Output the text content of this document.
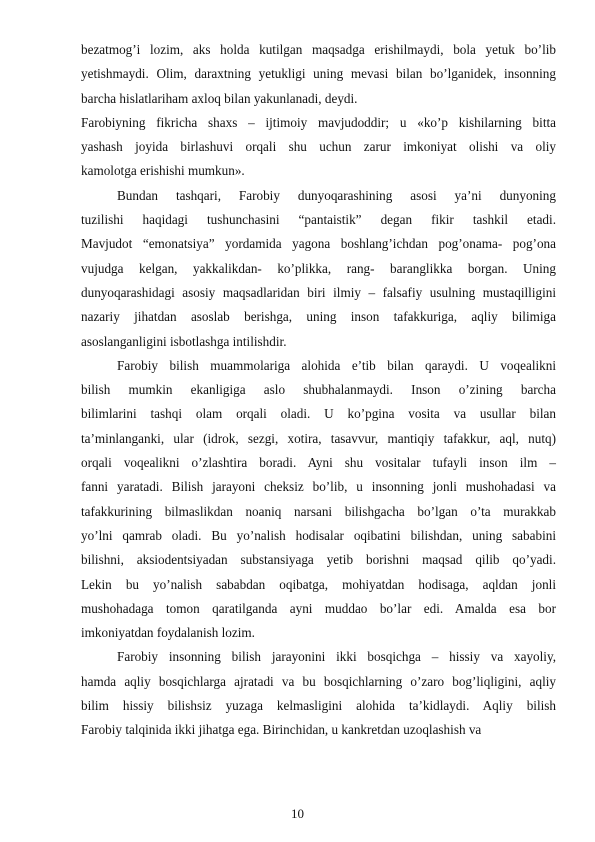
bezatmog’i lozim, aks holda kutilgan maqsadga erishilmaydi, bola yetuk bo’lib
yetishmaydi. Olim, daraxtning yetukligi uning mevasi bilan bo’lganidek, insonning
barcha hislatlariham axloq bilan yakunlanadi, deydi.
Farobiyning fikricha shaxs – ijtimoiy mavjudoddir; u «ko’p kishilarning bitta
yashash joyida birlashuvi orqali shu uchun zarur imkoniyat olishi va oliy
kamolotga erishishi mumkun».
Bundan tashqari, Farobiy dunyoqarashining asosi ya’ni dunyoning
tuzilishi haqidagi tushunchasini “pantaistik” degan fikir tashkil etadi.
Mavjudot “emonatsiya” yordamida yagona boshlang’ichdan pog’onama- pog’ona
vujudga kelgan, yakkalikdan- ko’plikka, rang- baranglikka borgan. Uning
dunyoqarashidagi asosiy maqsadlaridan biri ilmiy – falsafiy usulning mustaqilligini
nazariy jihatdan asoslab berishga, uning inson tafakkuriga, aqliy bilimiga
asoslanganligini isbotlashga intilishdir.
Farobiy bilish muammolariga alohida e’tib bilan qaraydi. U voqealikni
bilish mumkin ekanligiga aslo shubhalanmaydi. Inson o’zining barcha
bilimlarini tashqi olam orqali oladi. U ko’pgina vosita va usullar bilan
ta’minlanganki, ular (idrok, sezgi, xotira, tasavvur, mantiqiy tafakkur, aql, nutq)
orqali voqealikni o’zlashtira boradi. Ayni shu vositalar tufayli inson ilm –
fanni yaratadi. Bilish jarayoni cheksiz bo’lib, u insonning jonli mushohadasi va
tafakkurining bilmaslikdan noaniq narsani bilishgacha bo’lgan o’ta murakkab
yo’lni qamrab oladi. Bu yo’nalish hodisalar oqibatini bilishdan, uning sababini
bilishni, aksiodentsiyadan substansiyaga yetib borishni maqsad qilib qo’yadi.
Lekin bu yo’nalish sababdan oqibatga, mohiyatdan hodisaga, aqldan jonli
mushohadaga tomon qaratilganda ayni muddao bo’lar edi. Amalda esa bor
imkoniyatdan foydalanish lozim.
Farobiy insonning bilish jarayonini ikki bosqichga – hissiy va xayoliy,
hamda aqliy bosqichlarga ajratadi va bu bosqichlarning o’zaro bog’liqligini, aqliy
bilim hissiy bilishsiz yuzaga kelmasligini alohida ta’kidlaydi. Aqliy bilish
Farobiy talqinida ikki jihatga ega. Birinchidan, u kankretdan uzoqlashish va
10
